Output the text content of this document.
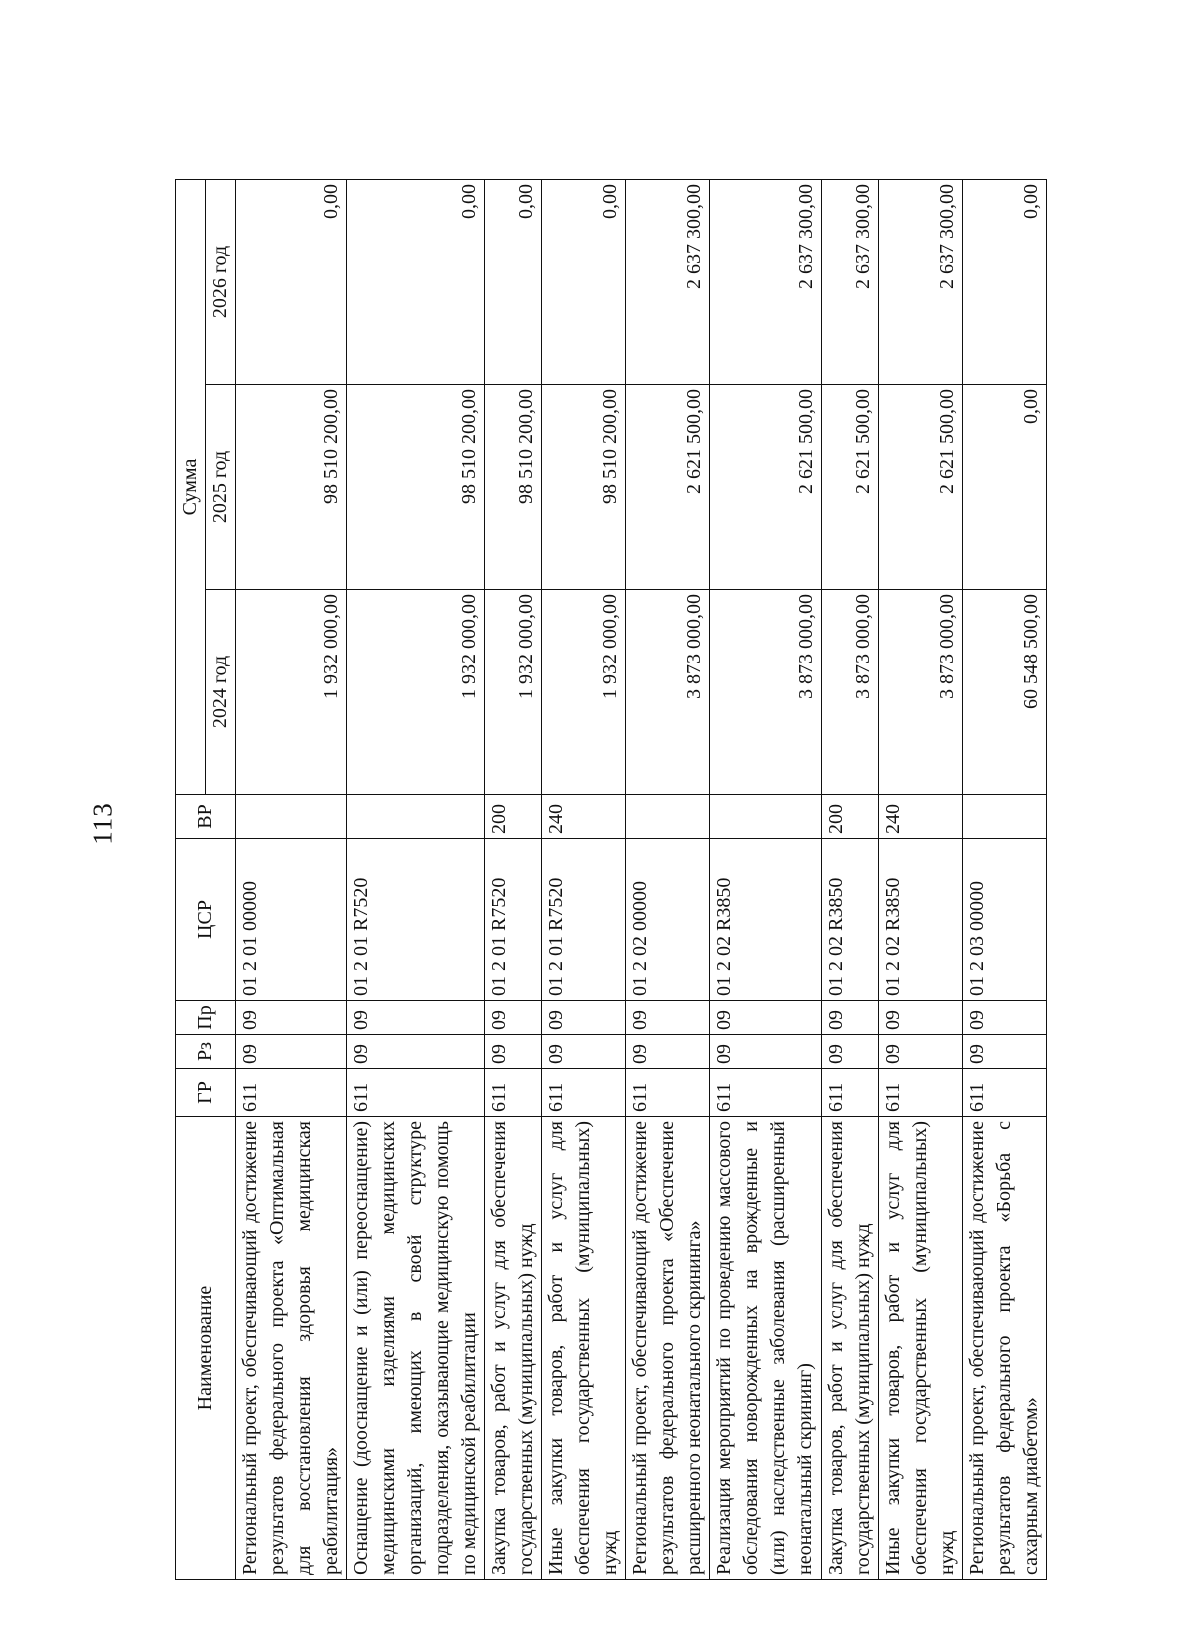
113
Наименование	ГР	Рз	Пр	ЦСР	ВР	Сумма		
						2024 год	2025 год	2026 год
Региональный проект, обеспечивающий достижение результатов федерального проекта «Оптимальная для восстановления здоровья медицинская реабилитация»	611	09	09	01 2 01 00000		1 932 000,00	98 510 200,00	0,00
Оснащение (дооснащение и (или) переоснащение) медицинскими изделиями медицинских организаций, имеющих в своей структуре подразделения, оказывающие медицинскую помощь по медицинской реабилитации	611	09	09	01 2 01 R7520		1 932 000,00	98 510 200,00	0,00
Закупка товаров, работ и услуг для обеспечения государственных (муниципальных) нужд	611	09	09	01 2 01 R7520	200	1 932 000,00	98 510 200,00	0,00
Иные закупки товаров, работ и услуг для обеспечения государственных (муниципальных) нужд	611	09	09	01 2 01 R7520	240	1 932 000,00	98 510 200,00	0,00
Региональный проект, обеспечивающий достижение результатов федерального проекта «Обеспечение расширенного неонатального скрининга»	611	09	09	01 2 02 00000		3 873 000,00	2 621 500,00	2 637 300,00
Реализация мероприятий по проведению массового обследования новорожденных на врожденные и (или) наследственные заболевания (расширенный неонатальный скрининг)	611	09	09	01 2 02 R3850		3 873 000,00	2 621 500,00	2 637 300,00
Закупка товаров, работ и услуг для обеспечения государственных (муниципальных) нужд	611	09	09	01 2 02 R3850	200	3 873 000,00	2 621 500,00	2 637 300,00
Иные закупки товаров, работ и услуг для обеспечения государственных (муниципальных) нужд	611	09	09	01 2 02 R3850	240	3 873 000,00	2 621 500,00	2 637 300,00
Региональный проект, обеспечивающий достижение результатов федерального проекта «Борьба с сахарным диабетом»	611	09	09	01 2 03 00000		60 548 500,00	0,00	0,00
